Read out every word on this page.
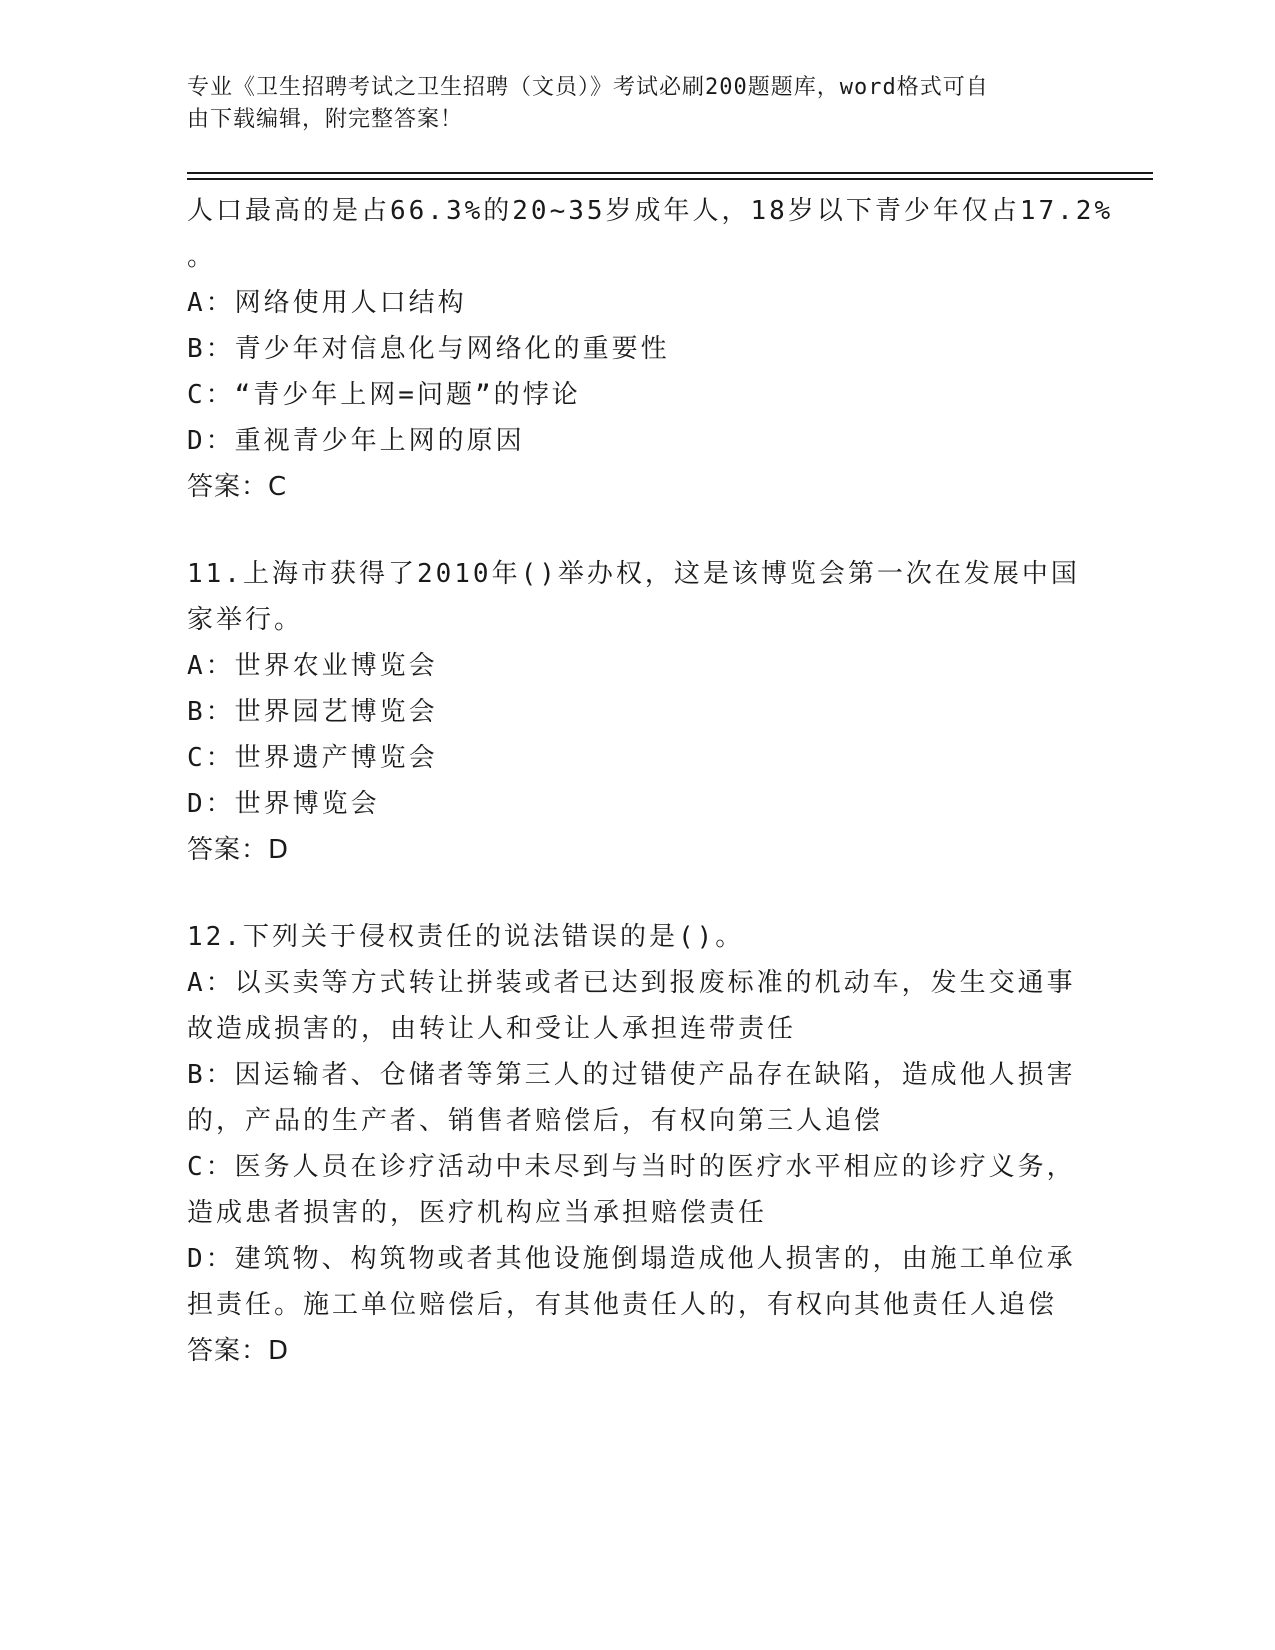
专业《卫生招聘考试之卫生招聘（文员）》考试必刷200题题库，word格式可自
由下载编辑，附完整答案！
人口最高的是占66.3%的20~35岁成年人，18岁以下青少年仅占17.2%
。
A：网络使用人口结构
B：青少年对信息化与网络化的重要性
C：“青少年上网=问题”的悖论
D：重视青少年上网的原因
答案：C
11.上海市获得了2010年()举办权，这是该博览会第一次在发展中国
家举行。
A：世界农业博览会
B：世界园艺博览会
C：世界遗产博览会
D：世界博览会
答案：D
12.下列关于侵权责任的说法错误的是()。
A：以买卖等方式转让拼装或者已达到报废标准的机动车，发生交通事
故造成损害的，由转让人和受让人承担连带责任
B：因运输者、仓储者等第三人的过错使产品存在缺陷，造成他人损害
的，产品的生产者、销售者赔偿后，有权向第三人追偿
C：医务人员在诊疗活动中未尽到与当时的医疗水平相应的诊疗义务，
造成患者损害的，医疗机构应当承担赔偿责任
D：建筑物、构筑物或者其他设施倒塌造成他人损害的，由施工单位承
担责任。施工单位赔偿后，有其他责任人的，有权向其他责任人追偿
答案：D
